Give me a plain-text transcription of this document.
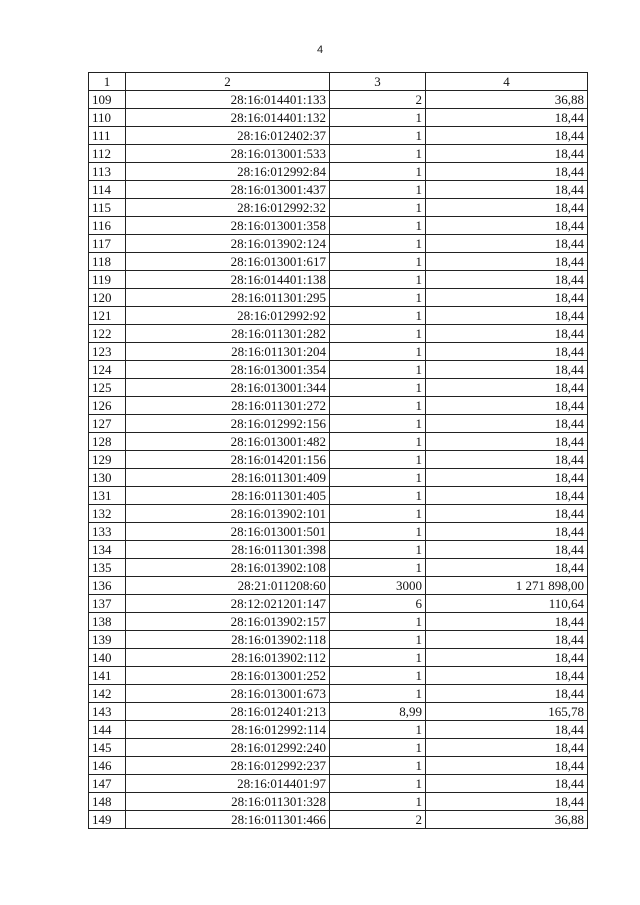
4
1	2	3	4
109	28:16:014401:133	2	36,88
110	28:16:014401:132	1	18,44
111	28:16:012402:37	1	18,44
112	28:16:013001:533	1	18,44
113	28:16:012992:84	1	18,44
114	28:16:013001:437	1	18,44
115	28:16:012992:32	1	18,44
116	28:16:013001:358	1	18,44
117	28:16:013902:124	1	18,44
118	28:16:013001:617	1	18,44
119	28:16:014401:138	1	18,44
120	28:16:011301:295	1	18,44
121	28:16:012992:92	1	18,44
122	28:16:011301:282	1	18,44
123	28:16:011301:204	1	18,44
124	28:16:013001:354	1	18,44
125	28:16:013001:344	1	18,44
126	28:16:011301:272	1	18,44
127	28:16:012992:156	1	18,44
128	28:16:013001:482	1	18,44
129	28:16:014201:156	1	18,44
130	28:16:011301:409	1	18,44
131	28:16:011301:405	1	18,44
132	28:16:013902:101	1	18,44
133	28:16:013001:501	1	18,44
134	28:16:011301:398	1	18,44
135	28:16:013902:108	1	18,44
136	28:21:011208:60	3000	1 271 898,00
137	28:12:021201:147	6	110,64
138	28:16:013902:157	1	18,44
139	28:16:013902:118	1	18,44
140	28:16:013902:112	1	18,44
141	28:16:013001:252	1	18,44
142	28:16:013001:673	1	18,44
143	28:16:012401:213	8,99	165,78
144	28:16:012992:114	1	18,44
145	28:16:012992:240	1	18,44
146	28:16:012992:237	1	18,44
147	28:16:014401:97	1	18,44
148	28:16:011301:328	1	18,44
149	28:16:011301:466	2	36,88
